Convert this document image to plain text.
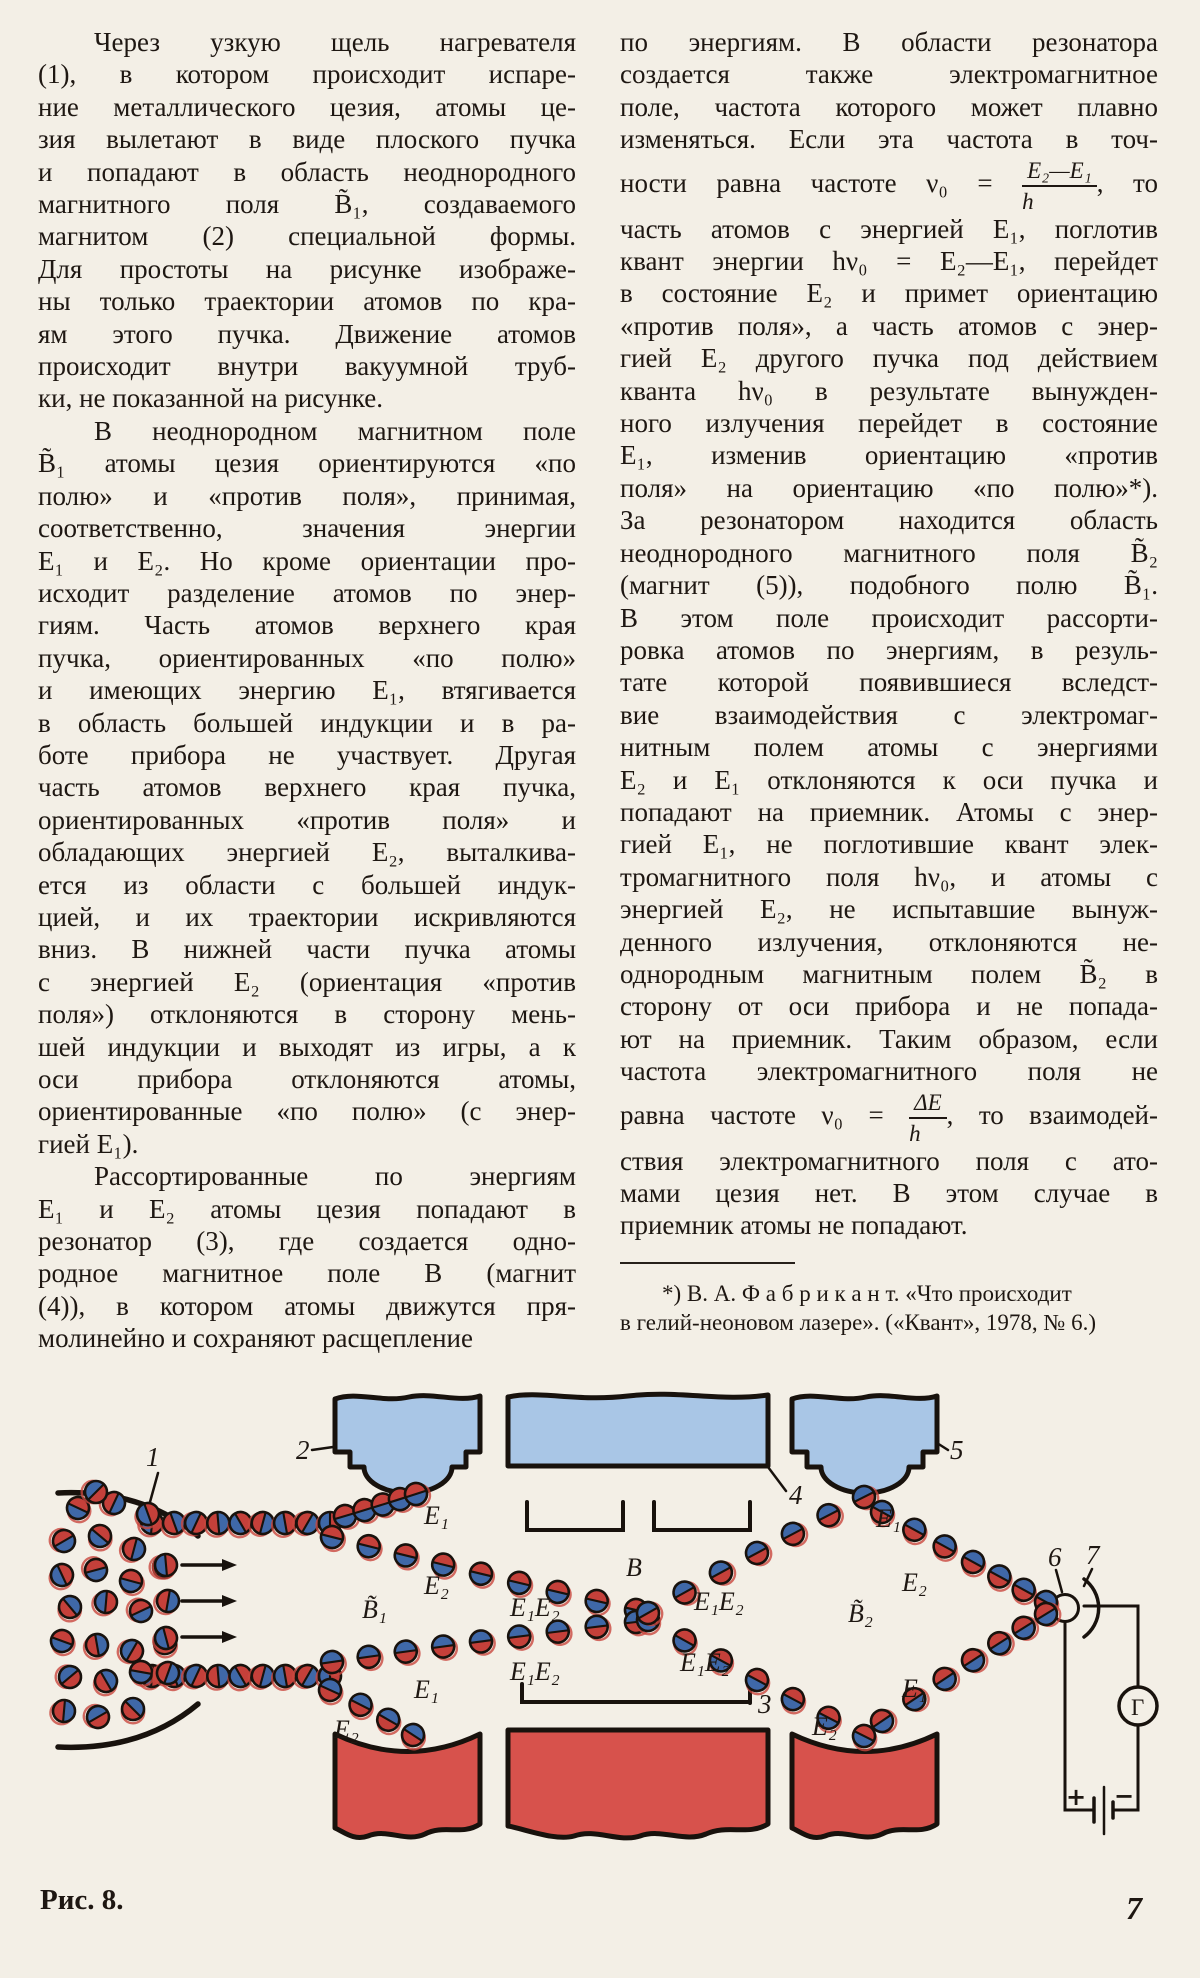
Через узкую щель нагревателя
(1), в котором происходит испаре-
ние металлического цезия, атомы це-
зия вылетают в виде плоского пучка
и попадают в область неоднородного
магнитного поля B̃₁, создаваемого
магнитом (2) специальной формы.
Для простоты на рисунке изображе-
ны только траектории атомов по кра-
ям этого пучка. Движение атомов
происходит внутри вакуумной труб-
ки, не показанной на рисунке.
В неоднородном магнитном поле
B̃₁ атомы цезия ориентируются «по
полю» и «против поля», принимая,
соответственно, значения энергии
E₁ и E₂. Но кроме ориентации про-
исходит разделение атомов по энер-
гиям. Часть атомов верхнего края
пучка, ориентированных «по полю»
и имеющих энергию E₁, втягивается
в область большей индукции и в ра-
боте прибора не участвует. Другая
часть атомов верхнего края пучка,
ориентированных «против поля» и
обладающих энергией E₂, выталкива-
ется из области с большей индук-
цией, и их траектории искривляются
вниз. В нижней части пучка атомы
с энергией E₂ (ориентация «против
поля») отклоняются в сторону мень-
шей индукции и выходят из игры, а к
оси прибора отклоняются атомы,
ориентированные «по полю» (с энер-
гией E₁).
Рассортированные по энергиям
E₁ и E₂ атомы цезия попадают в
резонатор (3), где создается одно-
родное магнитное поле B (магнит
(4)), в котором атомы движутся пря-
молинейно и сохраняют расщепление
по энергиям. В области резонатора
создается также электромагнитное
поле, частота которого может плавно
изменяться. Если эта частота в точ-
ности равна частоте $\nu_0 = \frac{\text{E₂—E₁}}{h}$ , то
часть атомов с энергией E₁, поглотив
квант энергии hν₀ = E₂—E₁, перейдет
в состояние E₂ и примет ориентацию
«против поля», а часть атомов с энер-
гией E₂ другого пучка под действием
кванта hν₀ в результате вынужден-
ного излучения перейдет в состояние
E₁, изменив ориентацию «против
поля» на ориентацию «по полю»*).
За резонатором находится область
неоднородного магнитного поля B̃₂
(магнит (5)), подобного полю B̃₁.
В этом поле происходит рассорти-
ровка атомов по энергиям, в резуль-
тате которой появившиеся вследст-
вие взаимодействия с электромаг-
нитным полем атомы с энергиями
E₂ и E₁ отклоняются к оси пучка и
попадают на приемник. Атомы с энер-
гией E₁, не поглотившие квант элек-
тромагнитного поля hν₀, и атомы с
энергией E₂, не испытавшие вынуж-
денного излучения, отклоняются не-
однородным магнитным полем B̃₂ в
сторону от оси прибора и не попада-
ют на приемник. Таким образом, если
частота электромагнитного поля не
равна частоте $\nu_0 = \frac{\Delta E}{h}$ , то взаимодей-
ствия электромагнитного поля с ато-
мами цезия нет. В этом случае в
приемник атомы не попадают.
*) В. А. Ф а б р и к а н т. «Что происходит
в гелий-неоновом лазере». («Квант», 1978, № 6.)
1	2
4
5
3
6 7
E₁
E₂
B̃₁
B
E₁E₂	E₁E₂
E₁E₂	E₁E₂
B̃₂
E₁
E₂
E₁
E₂
E₂
E₁
Г
+ −
Рис. 8.	7
